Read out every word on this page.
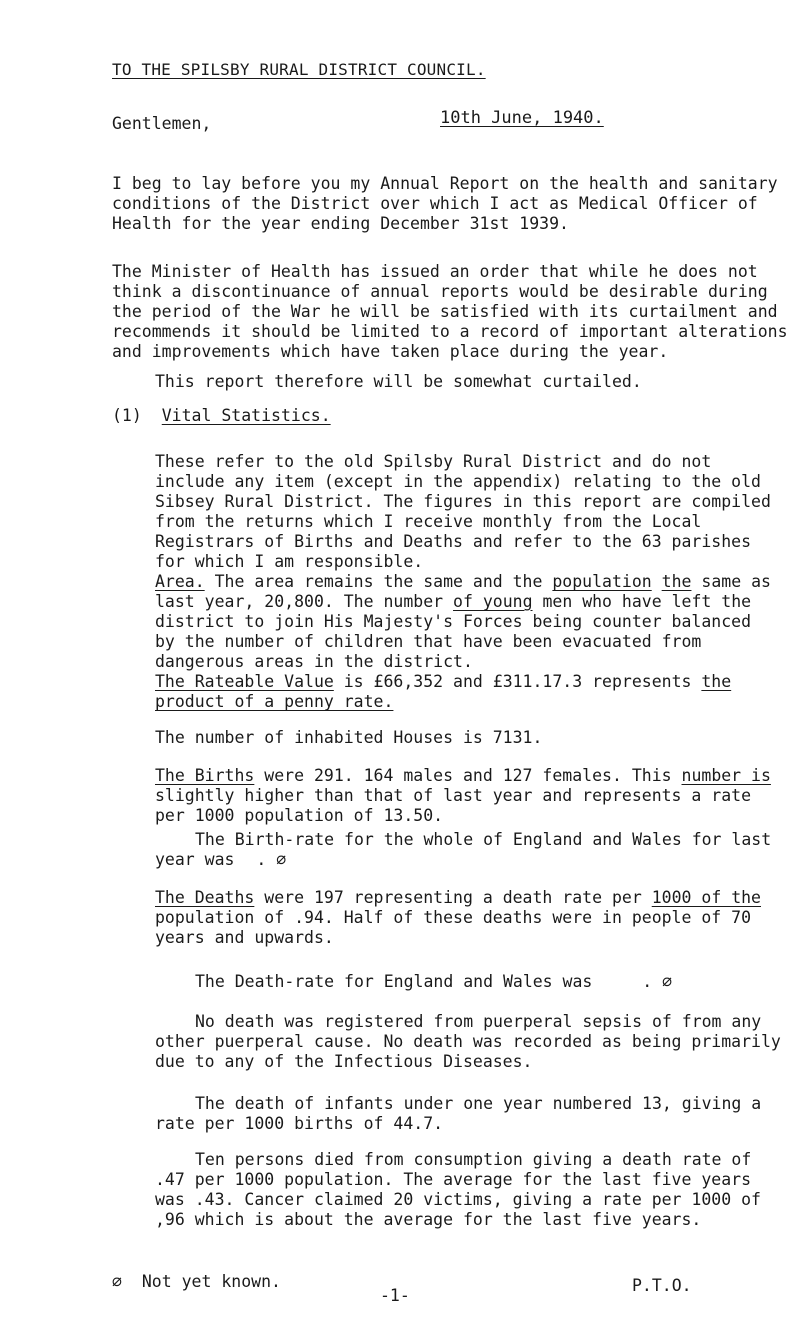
TO THE SPILSBY RURAL DISTRICT COUNCIL.
Gentlemen,	10th June, 1940.

I beg to lay before you my Annual Report on the health and sanitary conditions of the District over which I act as Medical Officer of Health for the year ending December 31st 1939.

The Minister of Health has issued an order that while he does not think a discontinuance of annual reports would be desirable during the period of the War he will be satisfied with its curtailment and recommends it should be limited to a record of important alterations and improvements which have taken place during the year.

This report therefore will be somewhat curtailed.

(1) Vital Statistics.

These refer to the old Spilsby Rural District and do not include any item (except in the appendix) relating to the old Sibsey Rural District. The figures in this report are compiled from the returns which I receive monthly from the Local Registrars of Births and Deaths and refer to the 63 parishes for which I am responsible.

Area. The area remains the same and the population the same as last year, 20,800. The number of young men who have left the district to join His Majesty's Forces being counter balanced by the number of children that have been evacuated from dangerous areas in the district.

The Rateable Value is £66,352 and £311.17.3 represents the product of a penny rate.

The number of inhabited Houses is 7131.

The Births were 291. 164 males and 127 females. This number is slightly higher than that of last year and represents a rate per 1000 population of 13.50.

The Birth-rate for the whole of England and Wales for last year was . ∅

The Deaths were 197 representing a death rate per 1000 of the population of .94. Half of these deaths were in people of 70 years and upwards.

The Death-rate for England and Wales was	. ∅

No death was registered from puerperal sepsis of from any other puerperal cause. No death was recorded as being primarily due to any of the Infectious Diseases.

The death of infants under one year numbered 13, giving a rate per 1000 births of 44.7.

Ten persons died from consumption giving a death rate of .47 per 1000 population. The average for the last five years was .43. Cancer claimed 20 victims, giving a rate per 1000 of ,96 which is about the average for the last five years.

∅ Not yet known.
-1-
P.T.O.
